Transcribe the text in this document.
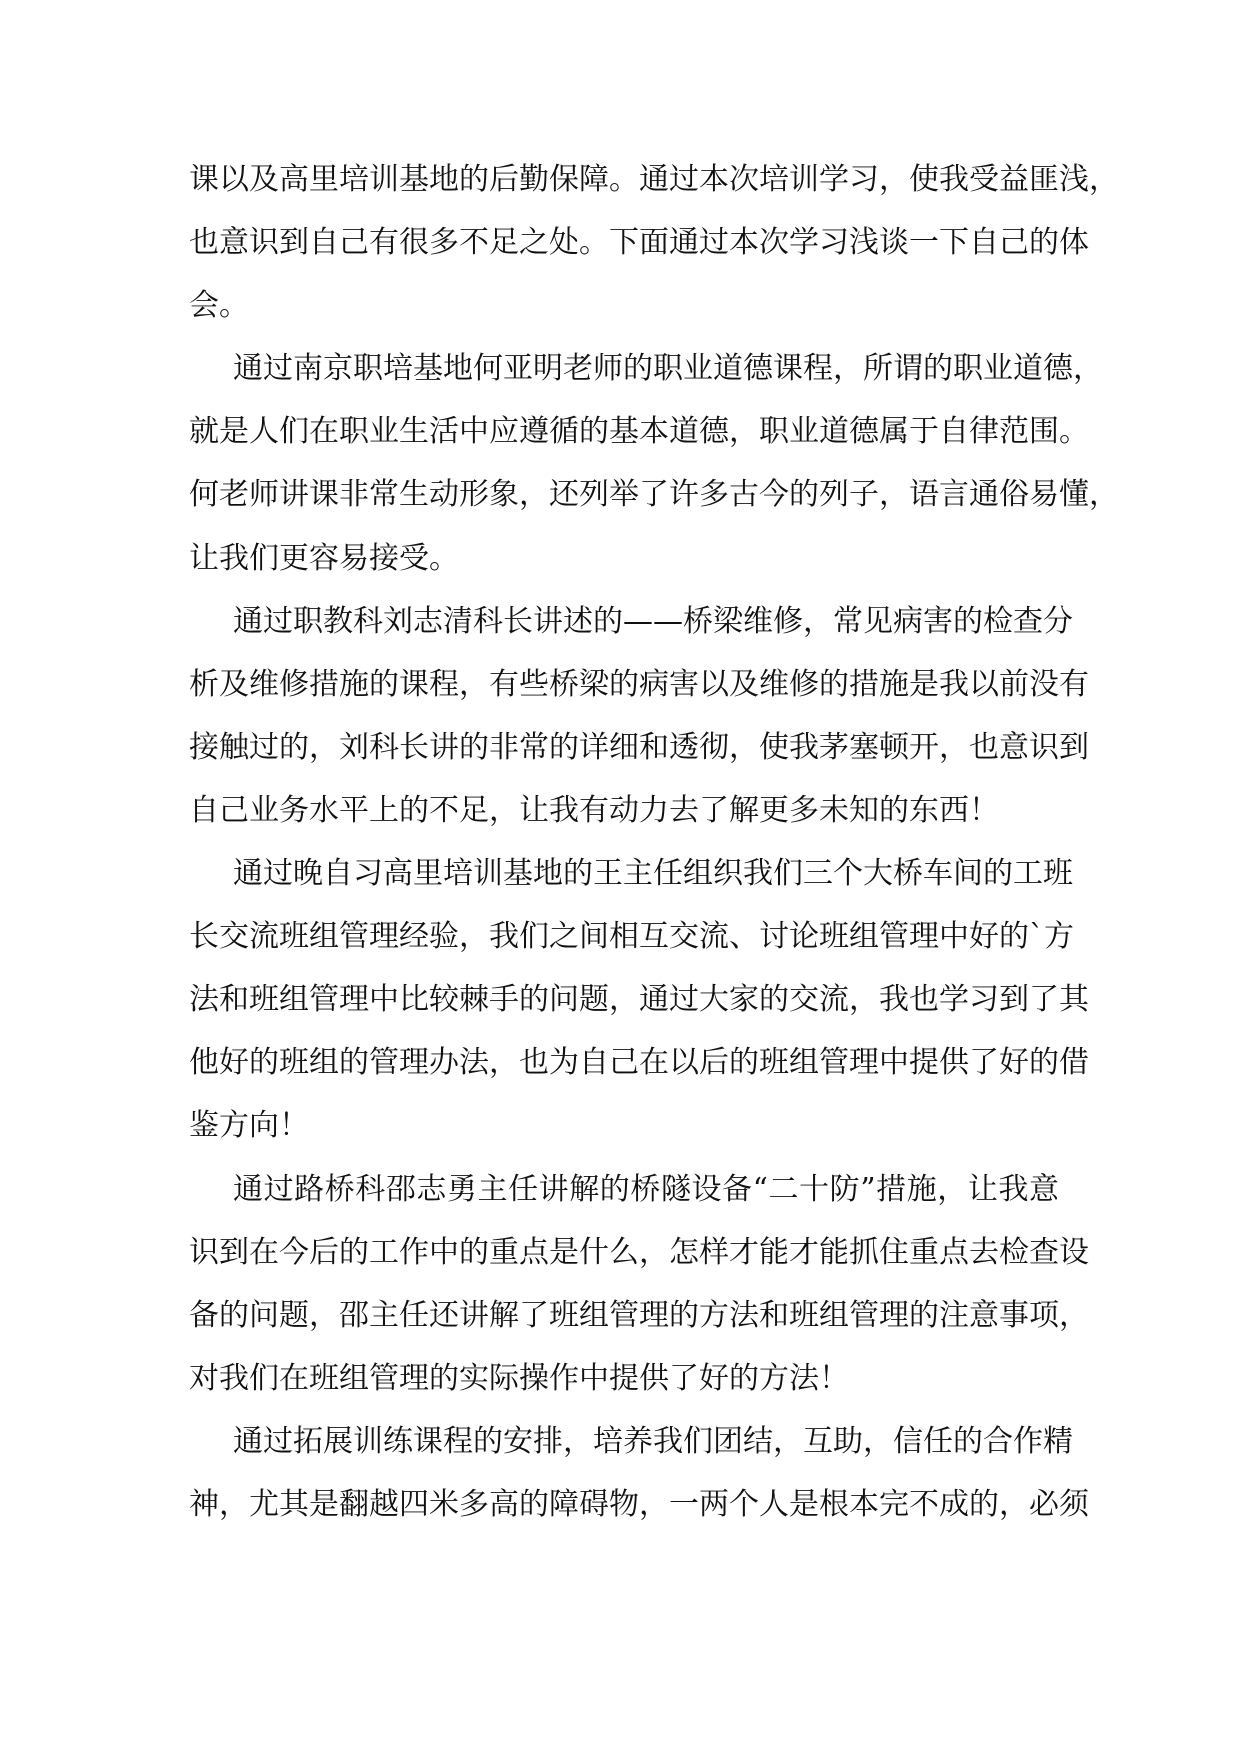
课以及高里培训基地的后勤保障。通过本次培训学习，使我受益匪浅，
也意识到自己有很多不足之处。下面通过本次学习浅谈一下自己的体
会。
通过南京职培基地何亚明老师的职业道德课程，所谓的职业道德，
就是人们在职业生活中应遵循的基本道德，职业道德属于自律范围。
何老师讲课非常生动形象，还列举了许多古今的列子，语言通俗易懂，
让我们更容易接受。
通过职教科刘志清科长讲述的——桥梁维修，常见病害的检查分
析及维修措施的课程，有些桥梁的病害以及维修的措施是我以前没有
接触过的，刘科长讲的非常的详细和透彻，使我茅塞顿开，也意识到
自己业务水平上的不足，让我有动力去了解更多未知的东西！
通过晚自习高里培训基地的王主任组织我们三个大桥车间的工班
长交流班组管理经验，我们之间相互交流、讨论班组管理中好的`方
法和班组管理中比较棘手的问题，通过大家的交流，我也学习到了其
他好的班组的管理办法，也为自己在以后的班组管理中提供了好的借
鉴方向！
通过路桥科邵志勇主任讲解的桥隧设备“二十防”措施，让我意
识到在今后的工作中的重点是什么，怎样才能才能抓住重点去检查设
备的问题，邵主任还讲解了班组管理的方法和班组管理的注意事项，
对我们在班组管理的实际操作中提供了好的方法！
通过拓展训练课程的安排，培养我们团结，互助，信任的合作精
神，尤其是翻越四米多高的障碍物，一两个人是根本完不成的，必须
